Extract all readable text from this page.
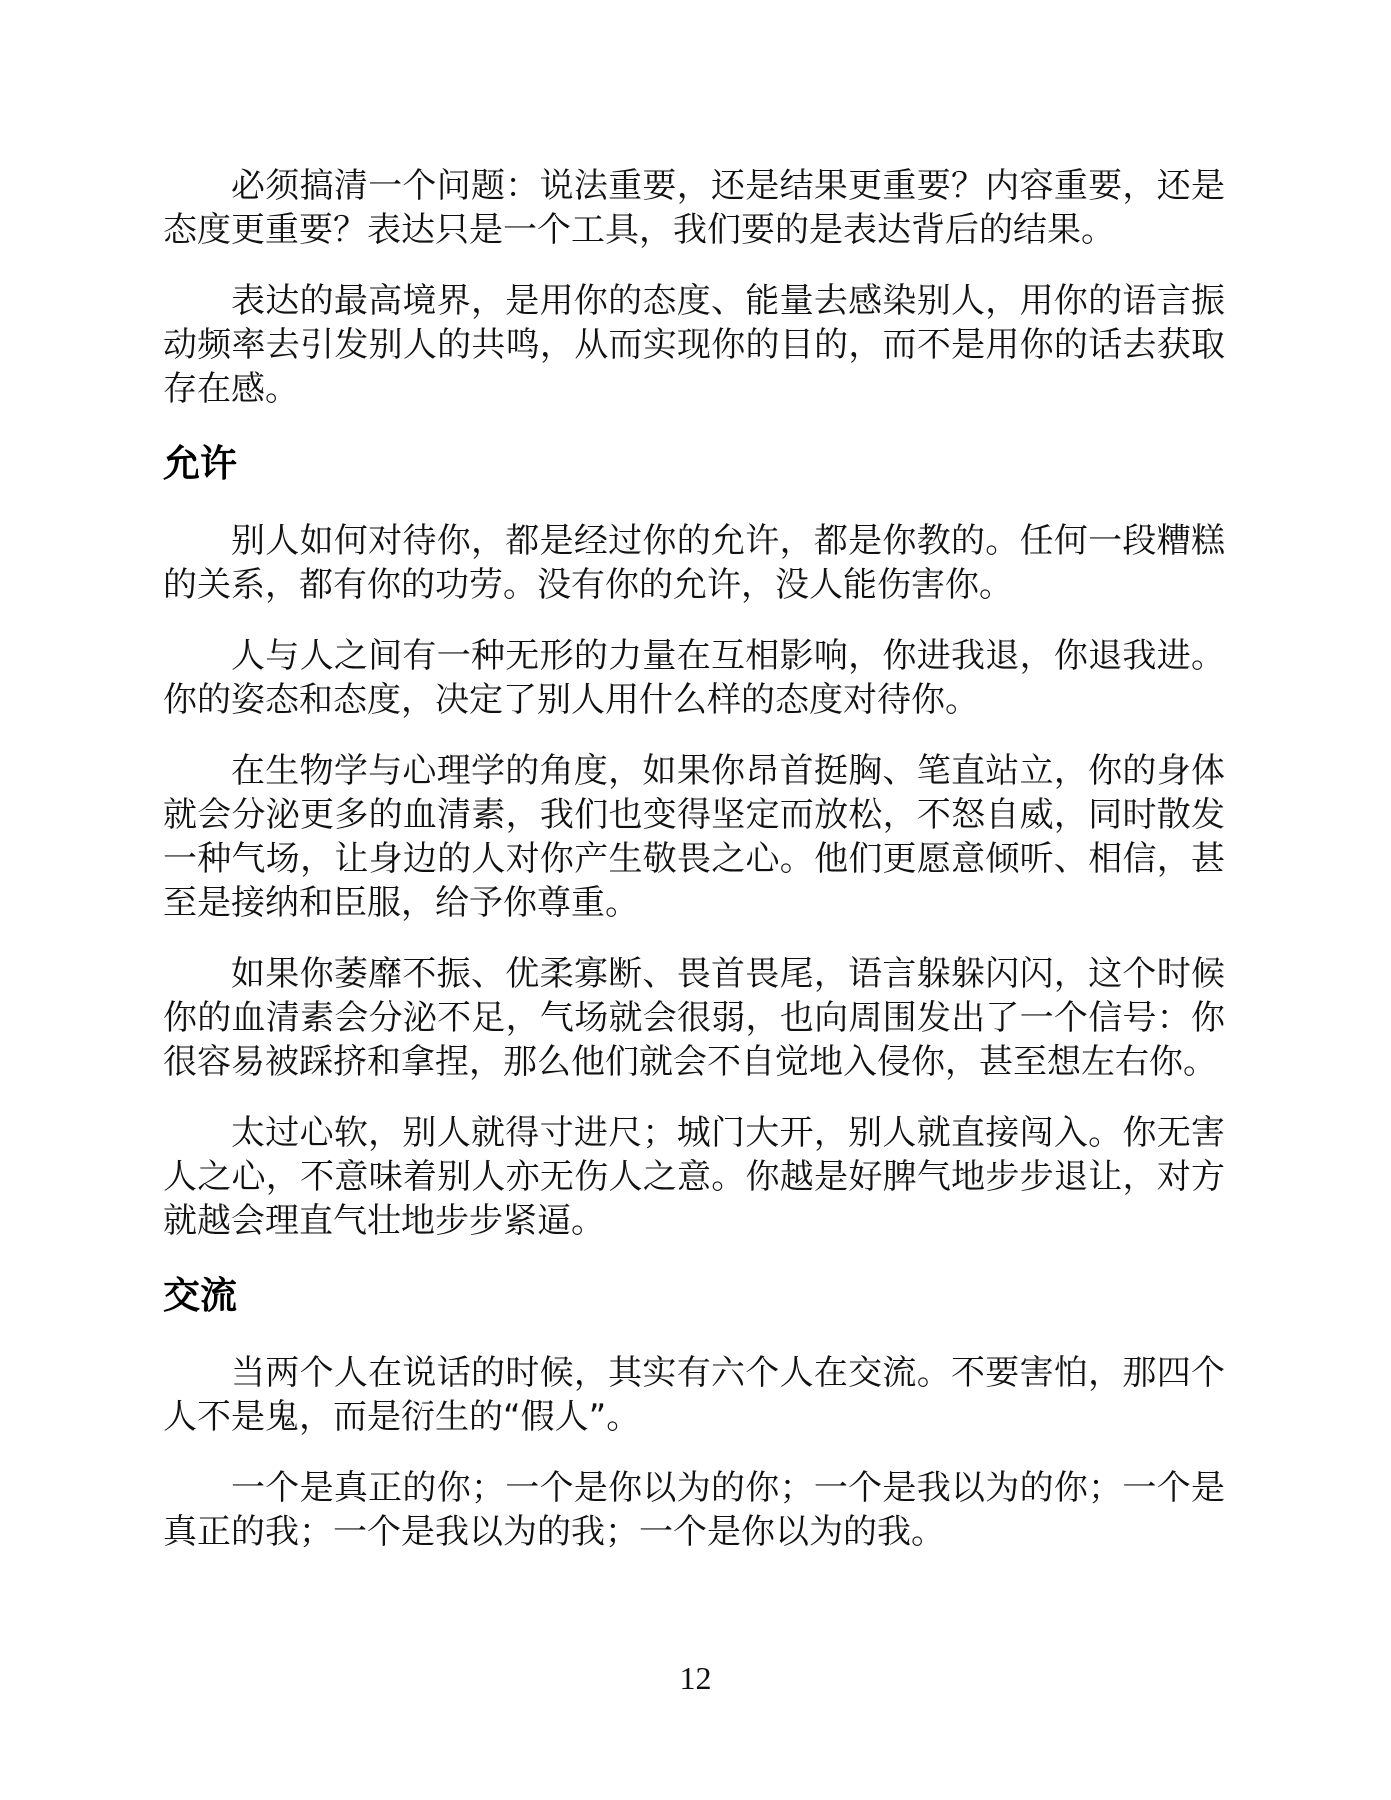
必须搞清一个问题：说法重要，还是结果更重要？内容重要，还是态度更重要？表达只是一个工具，我们要的是表达背后的结果。

表达的最高境界，是用你的态度、能量去感染别人，用你的语言振动频率去引发别人的共鸣，从而实现你的目的，而不是用你的话去获取存在感。

允许

别人如何对待你，都是经过你的允许，都是你教的。任何一段糟糕的关系，都有你的功劳。没有你的允许，没人能伤害你。

人与人之间有一种无形的力量在互相影响，你进我退，你退我进。你的姿态和态度，决定了别人用什么样的态度对待你。

在生物学与心理学的角度，如果你昂首挺胸、笔直站立，你的身体就会分泌更多的血清素，我们也变得坚定而放松，不怒自威，同时散发一种气场，让身边的人对你产生敬畏之心。他们更愿意倾听、相信，甚至是接纳和臣服，给予你尊重。

如果你萎靡不振、优柔寡断、畏首畏尾，语言躲躲闪闪，这个时候你的血清素会分泌不足，气场就会很弱，也向周围发出了一个信号：你很容易被踩挤和拿捏，那么他们就会不自觉地入侵你，甚至想左右你。

太过心软，别人就得寸进尺；城门大开，别人就直接闯入。你无害人之心，不意味着别人亦无伤人之意。你越是好脾气地步步退让，对方就越会理直气壮地步步紧逼。

交流

当两个人在说话的时候，其实有六个人在交流。不要害怕，那四个人不是鬼，而是衍生的“假人”。

一个是真正的你；一个是你以为的你；一个是我以为的你；一个是真正的我；一个是我以为的我；一个是你以为的我。

12
